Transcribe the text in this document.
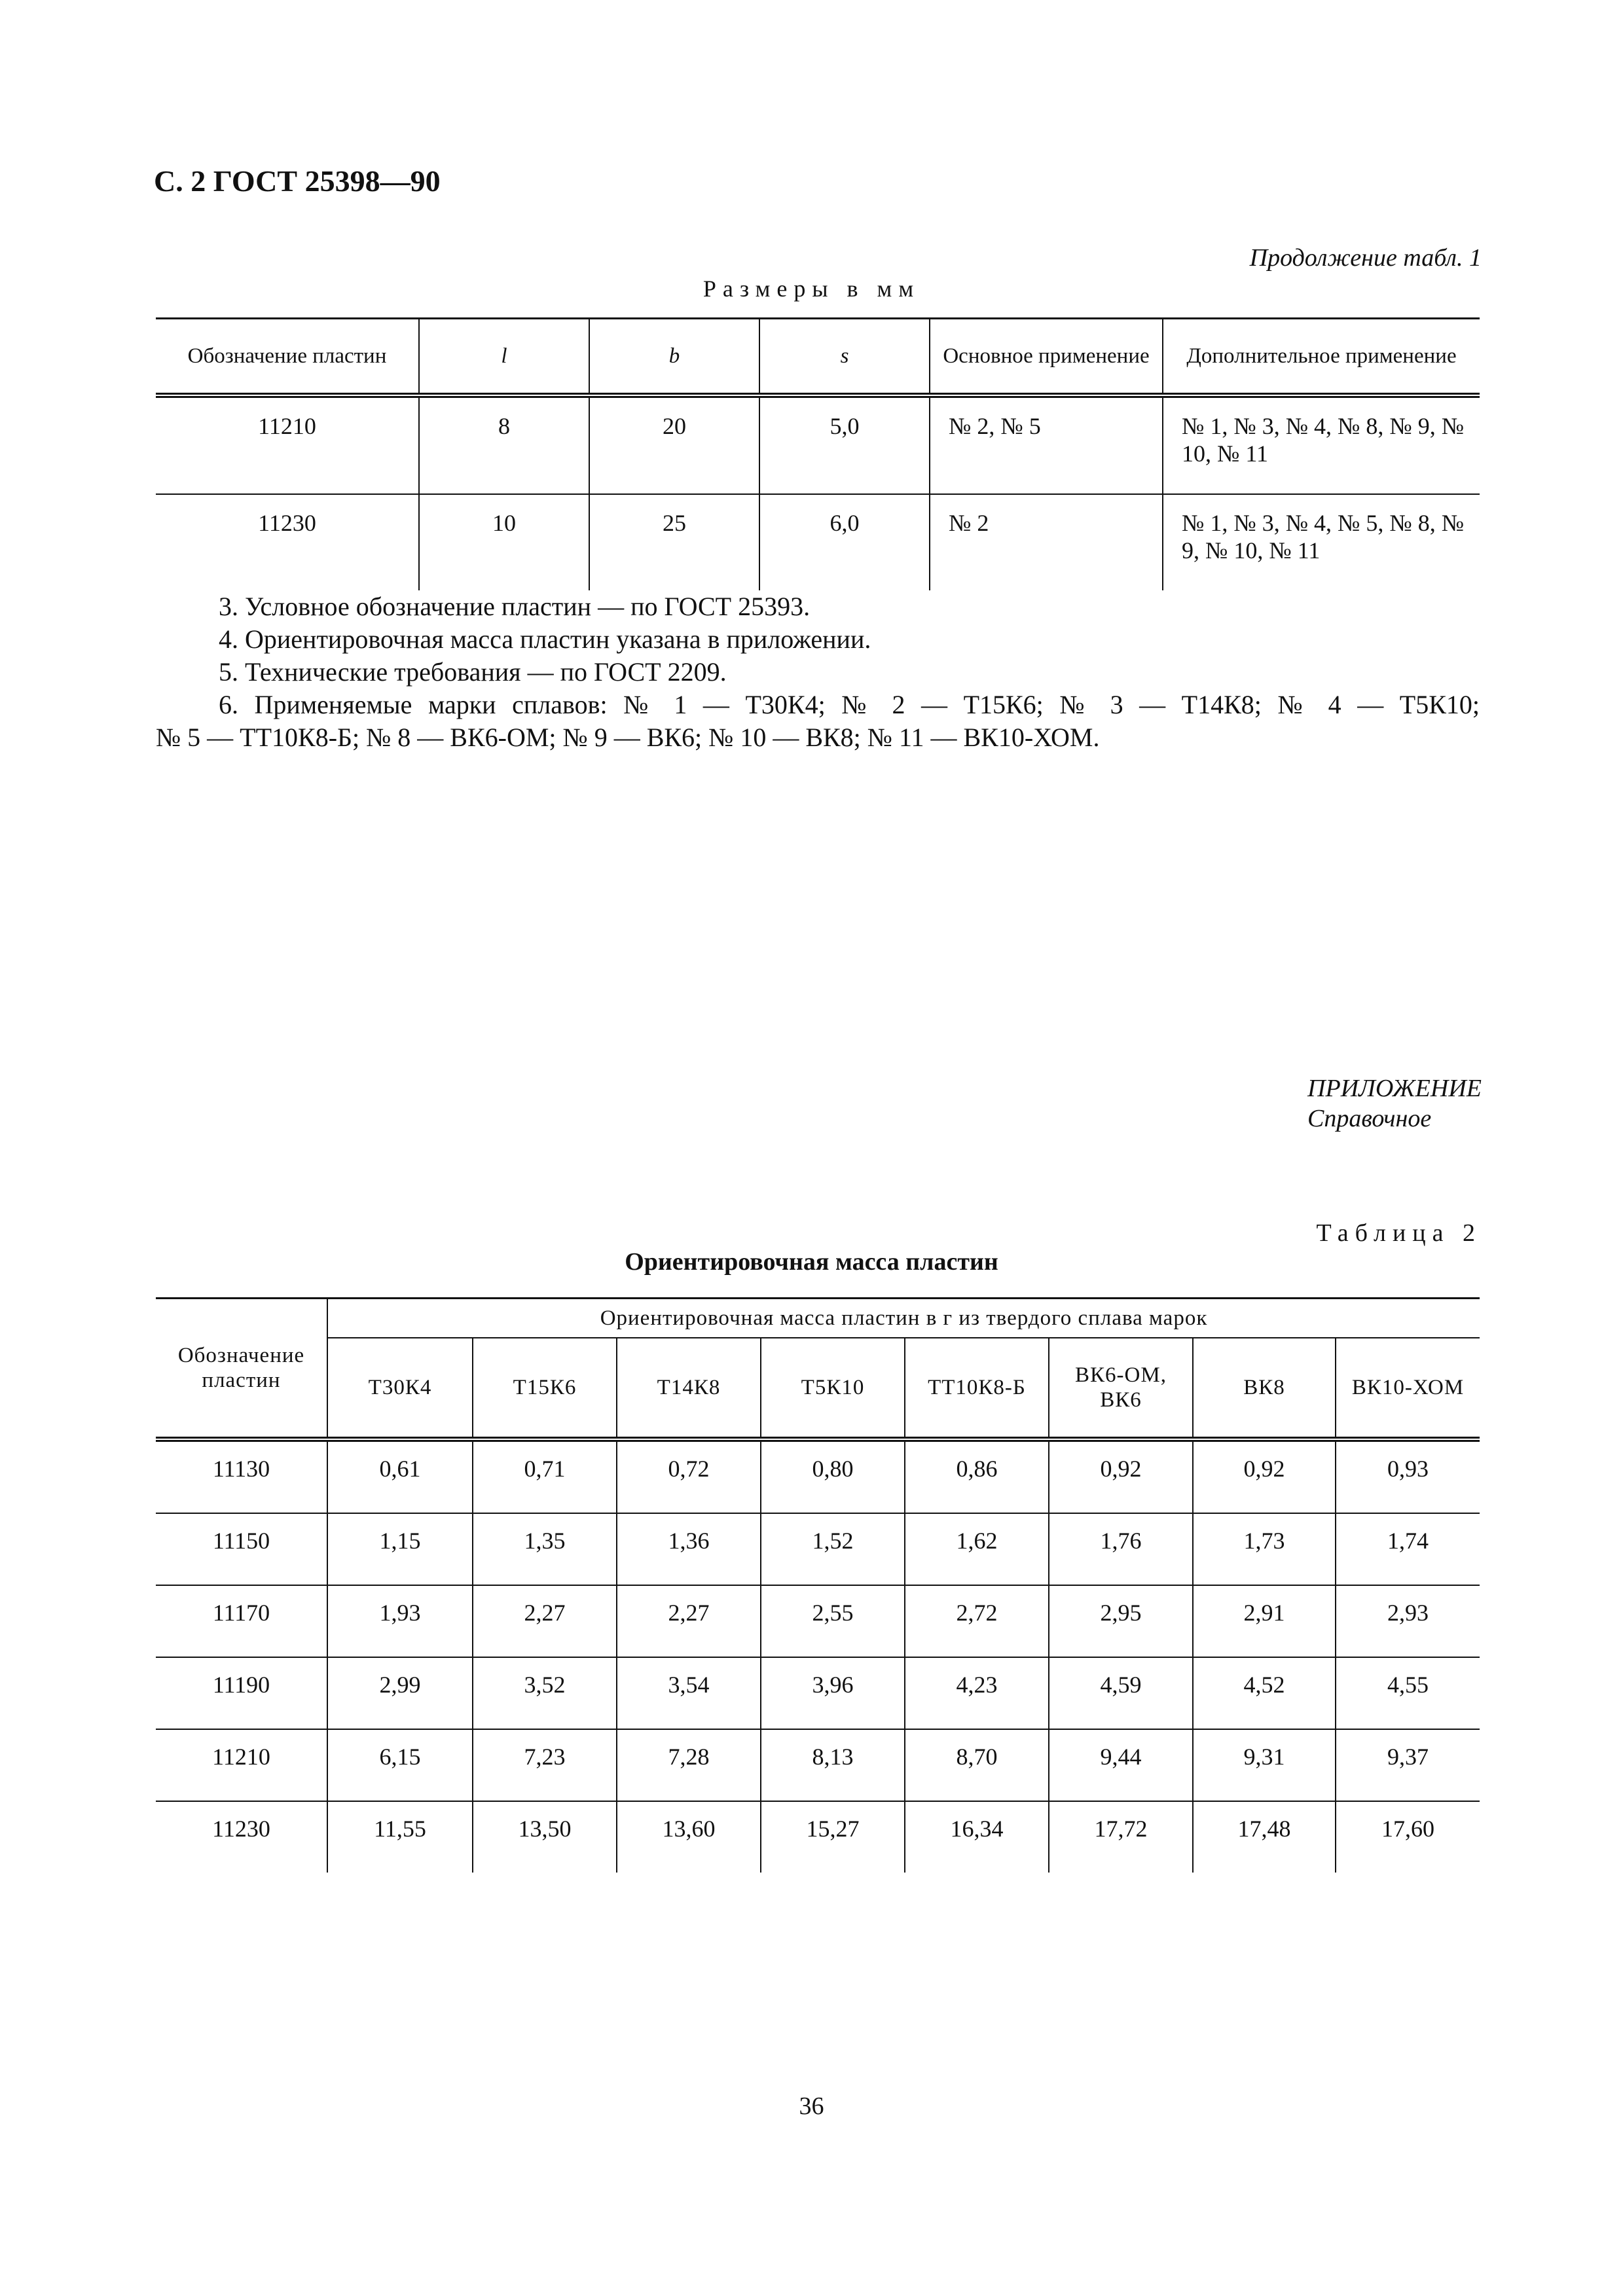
С. 2 ГОСТ 25398—90
Продолжение табл. 1
Размеры в мм
Обозначение пластин	l	b	s	Основное применение	Дополнительное применение
11210	8	20	5,0	№ 2, № 5	№ 1, № 3, № 4, № 8, № 9, № 10, № 11
11230	10	25	6,0	№ 2	№ 1, № 3, № 4, № 5, № 8, № 9, № 10, № 11

3. Условное обозначение пластин — по ГОСТ 25393.

4. Ориентировочная масса пластин указана в приложении.

5. Технические требования — по ГОСТ 2209.

6. Применяемые марки сплавов: № 1 — Т30К4; № 2 — Т15К6; № 3 — Т14К8; № 4 — Т5К10;

№ 5 — ТТ10К8-Б; № 8 — ВК6-ОМ; № 9 — ВК6; № 10 — ВК8; № 11 — ВК10-ХОМ.

ПРИЛОЖЕНИЕ
Справочное
Таблица 2
Ориентировочная масса пластин
Обозначение пластин	Ориентировочная масса пластин в г из твердого сплава марок							
	Т30К4	Т15К6	Т14К8	Т5К10	ТТ10К8-Б	ВК6-ОМ, ВК6	ВК8	ВК10-ХОМ
11130	0,61	0,71	0,72	0,80	0,86	0,92	0,92	0,93
11150	1,15	1,35	1,36	1,52	1,62	1,76	1,73	1,74
11170	1,93	2,27	2,27	2,55	2,72	2,95	2,91	2,93
11190	2,99	3,52	3,54	3,96	4,23	4,59	4,52	4,55
11210	6,15	7,23	7,28	8,13	8,70	9,44	9,31	9,37
11230	11,55	13,50	13,60	15,27	16,34	17,72	17,48	17,60
36
